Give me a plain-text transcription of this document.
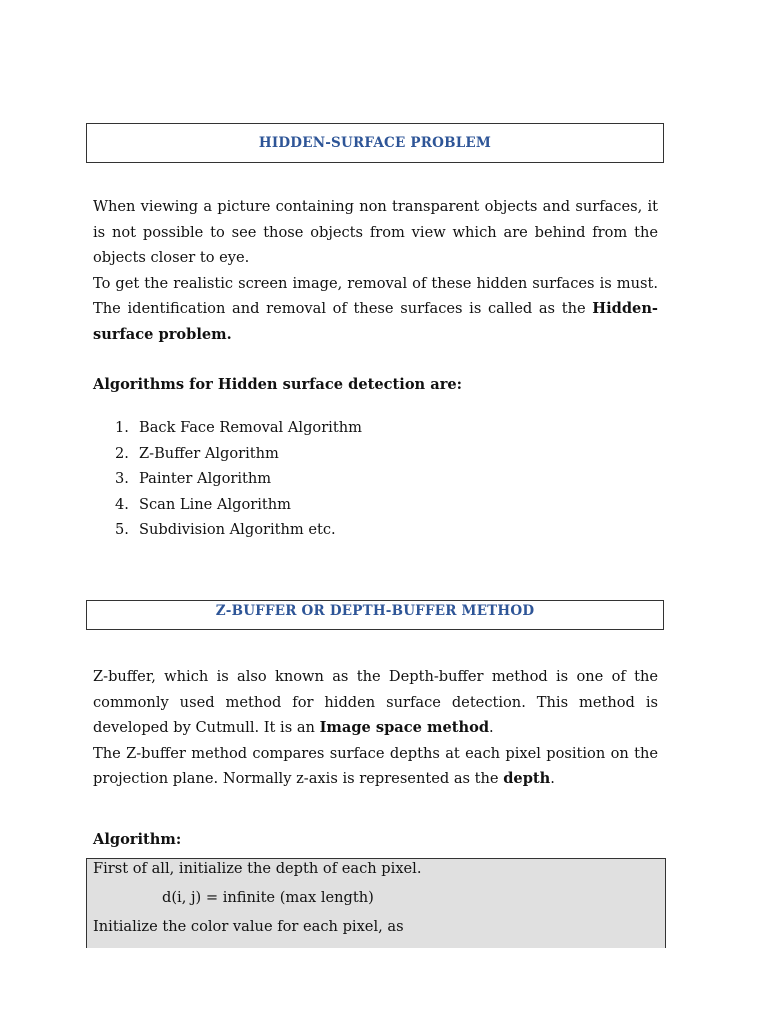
HIDDEN-SURFACE PROBLEM

When viewing a picture containing non transparent objects and surfaces, it is not possible to see those objects from view which are behind from the objects closer to eye.

To get the realistic screen image, removal of these hidden surfaces is must. The identification and removal of these surfaces is called as the Hidden-surface problem.

Algorithms for Hidden surface detection are:
1. Back Face Removal Algorithm
2. Z-Buffer Algorithm
3. Painter Algorithm
4. Scan Line Algorithm
5. Subdivision Algorithm etc.
Z-BUFFER OR DEPTH-BUFFER METHOD

Z-buffer, which is also known as the Depth-buffer method is one of the commonly used method for hidden surface detection. This method is developed by Cutmull. It is an Image space method.

The Z-buffer method compares surface depths at each pixel position on the projection plane. Normally z-axis is represented as the depth.

Algorithm:
First of all, initialize the depth of each pixel.
d(i, j) = infinite (max length)
Initialize the color value for each pixel, as
